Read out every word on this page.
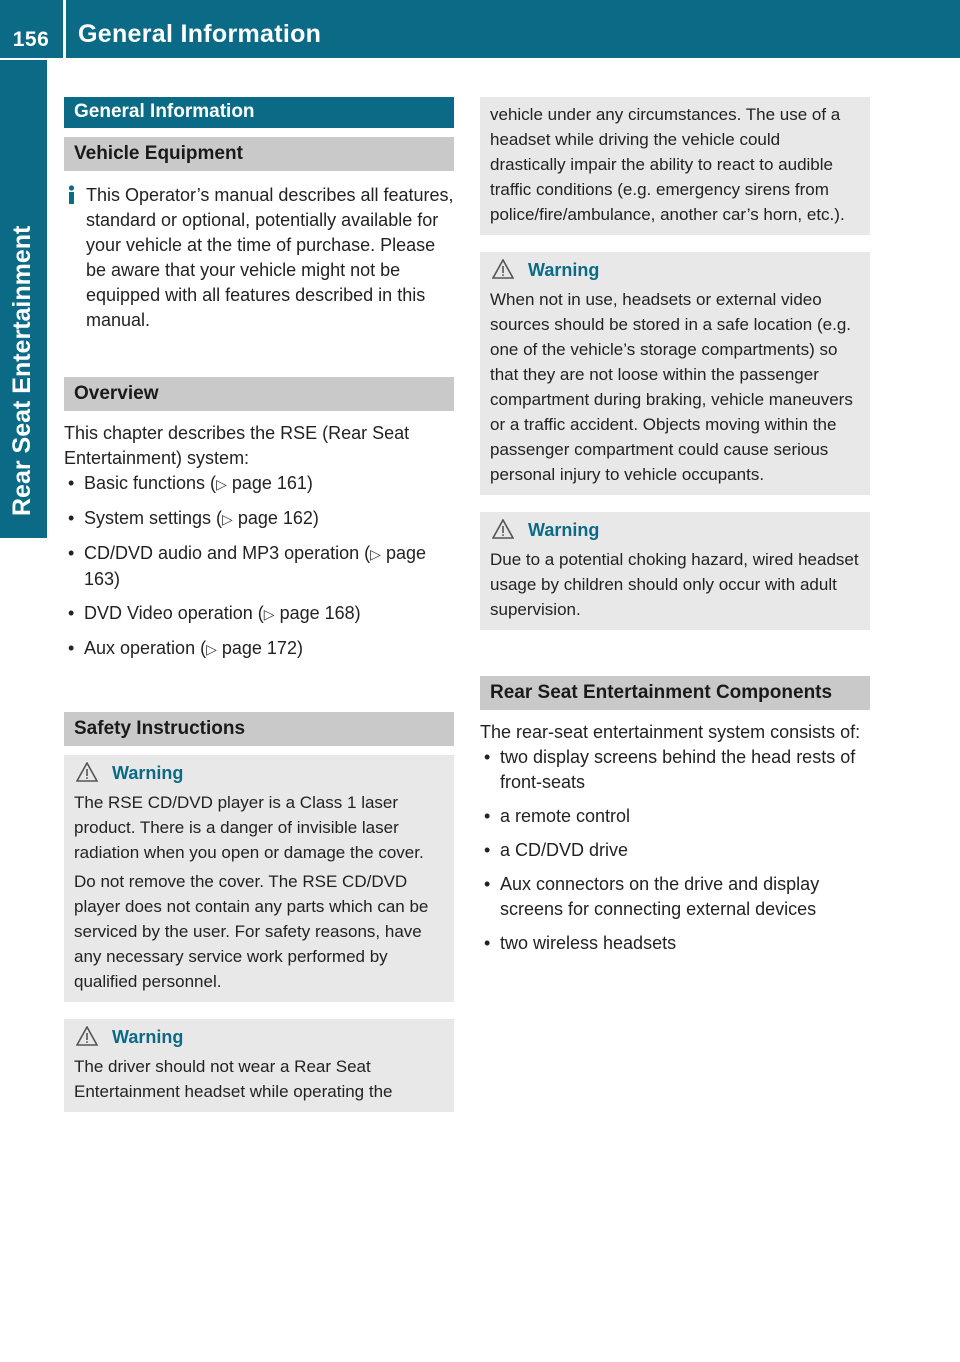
156	General Information
Rear Seat Entertainment
General Information
Vehicle Equipment

This Operator’s manual describes all features, standard or optional, potentially available for your vehicle at the time of purchase. Please be aware that your vehicle might not be equipped with all features described in this manual.

Overview

This chapter describes the RSE (Rear Seat Entertainment) system:

• Basic functions (▷ page 161)
• System settings (▷ page 162)
• CD/DVD audio and MP3 operation (▷ page 163)
• DVD Video operation (▷ page 168)
• Aux operation (▷ page 172)
Safety Instructions
Warning

The RSE CD/DVD player is a Class 1 laser product. There is a danger of invisible laser radiation when you open or damage the cover.

Do not remove the cover. The RSE CD/DVD player does not contain any parts which can be serviced by the user. For safety reasons, have any necessary service work performed by qualified personnel.

Warning

The driver should not wear a Rear Seat Entertainment headset while operating the

vehicle under any circumstances. The use of a headset while driving the vehicle could drastically impair the ability to react to audible traffic conditions (e.g. emergency sirens from police/fire/ambulance, another car’s horn, etc.).

Warning

When not in use, headsets or external video sources should be stored in a safe location (e.g. one of the vehicle’s storage compartments) so that they are not loose within the passenger compartment during braking, vehicle maneuvers or a traffic accident. Objects moving within the passenger compartment could cause serious personal injury to vehicle occupants.

Warning

Due to a potential choking hazard, wired headset usage by children should only occur with adult supervision.

Rear Seat Entertainment Components

The rear-seat entertainment system consists of:

• two display screens behind the head rests of front-seats
• a remote control
• a CD/DVD drive
• Aux connectors on the drive and display screens for connecting external devices
• two wireless headsets
